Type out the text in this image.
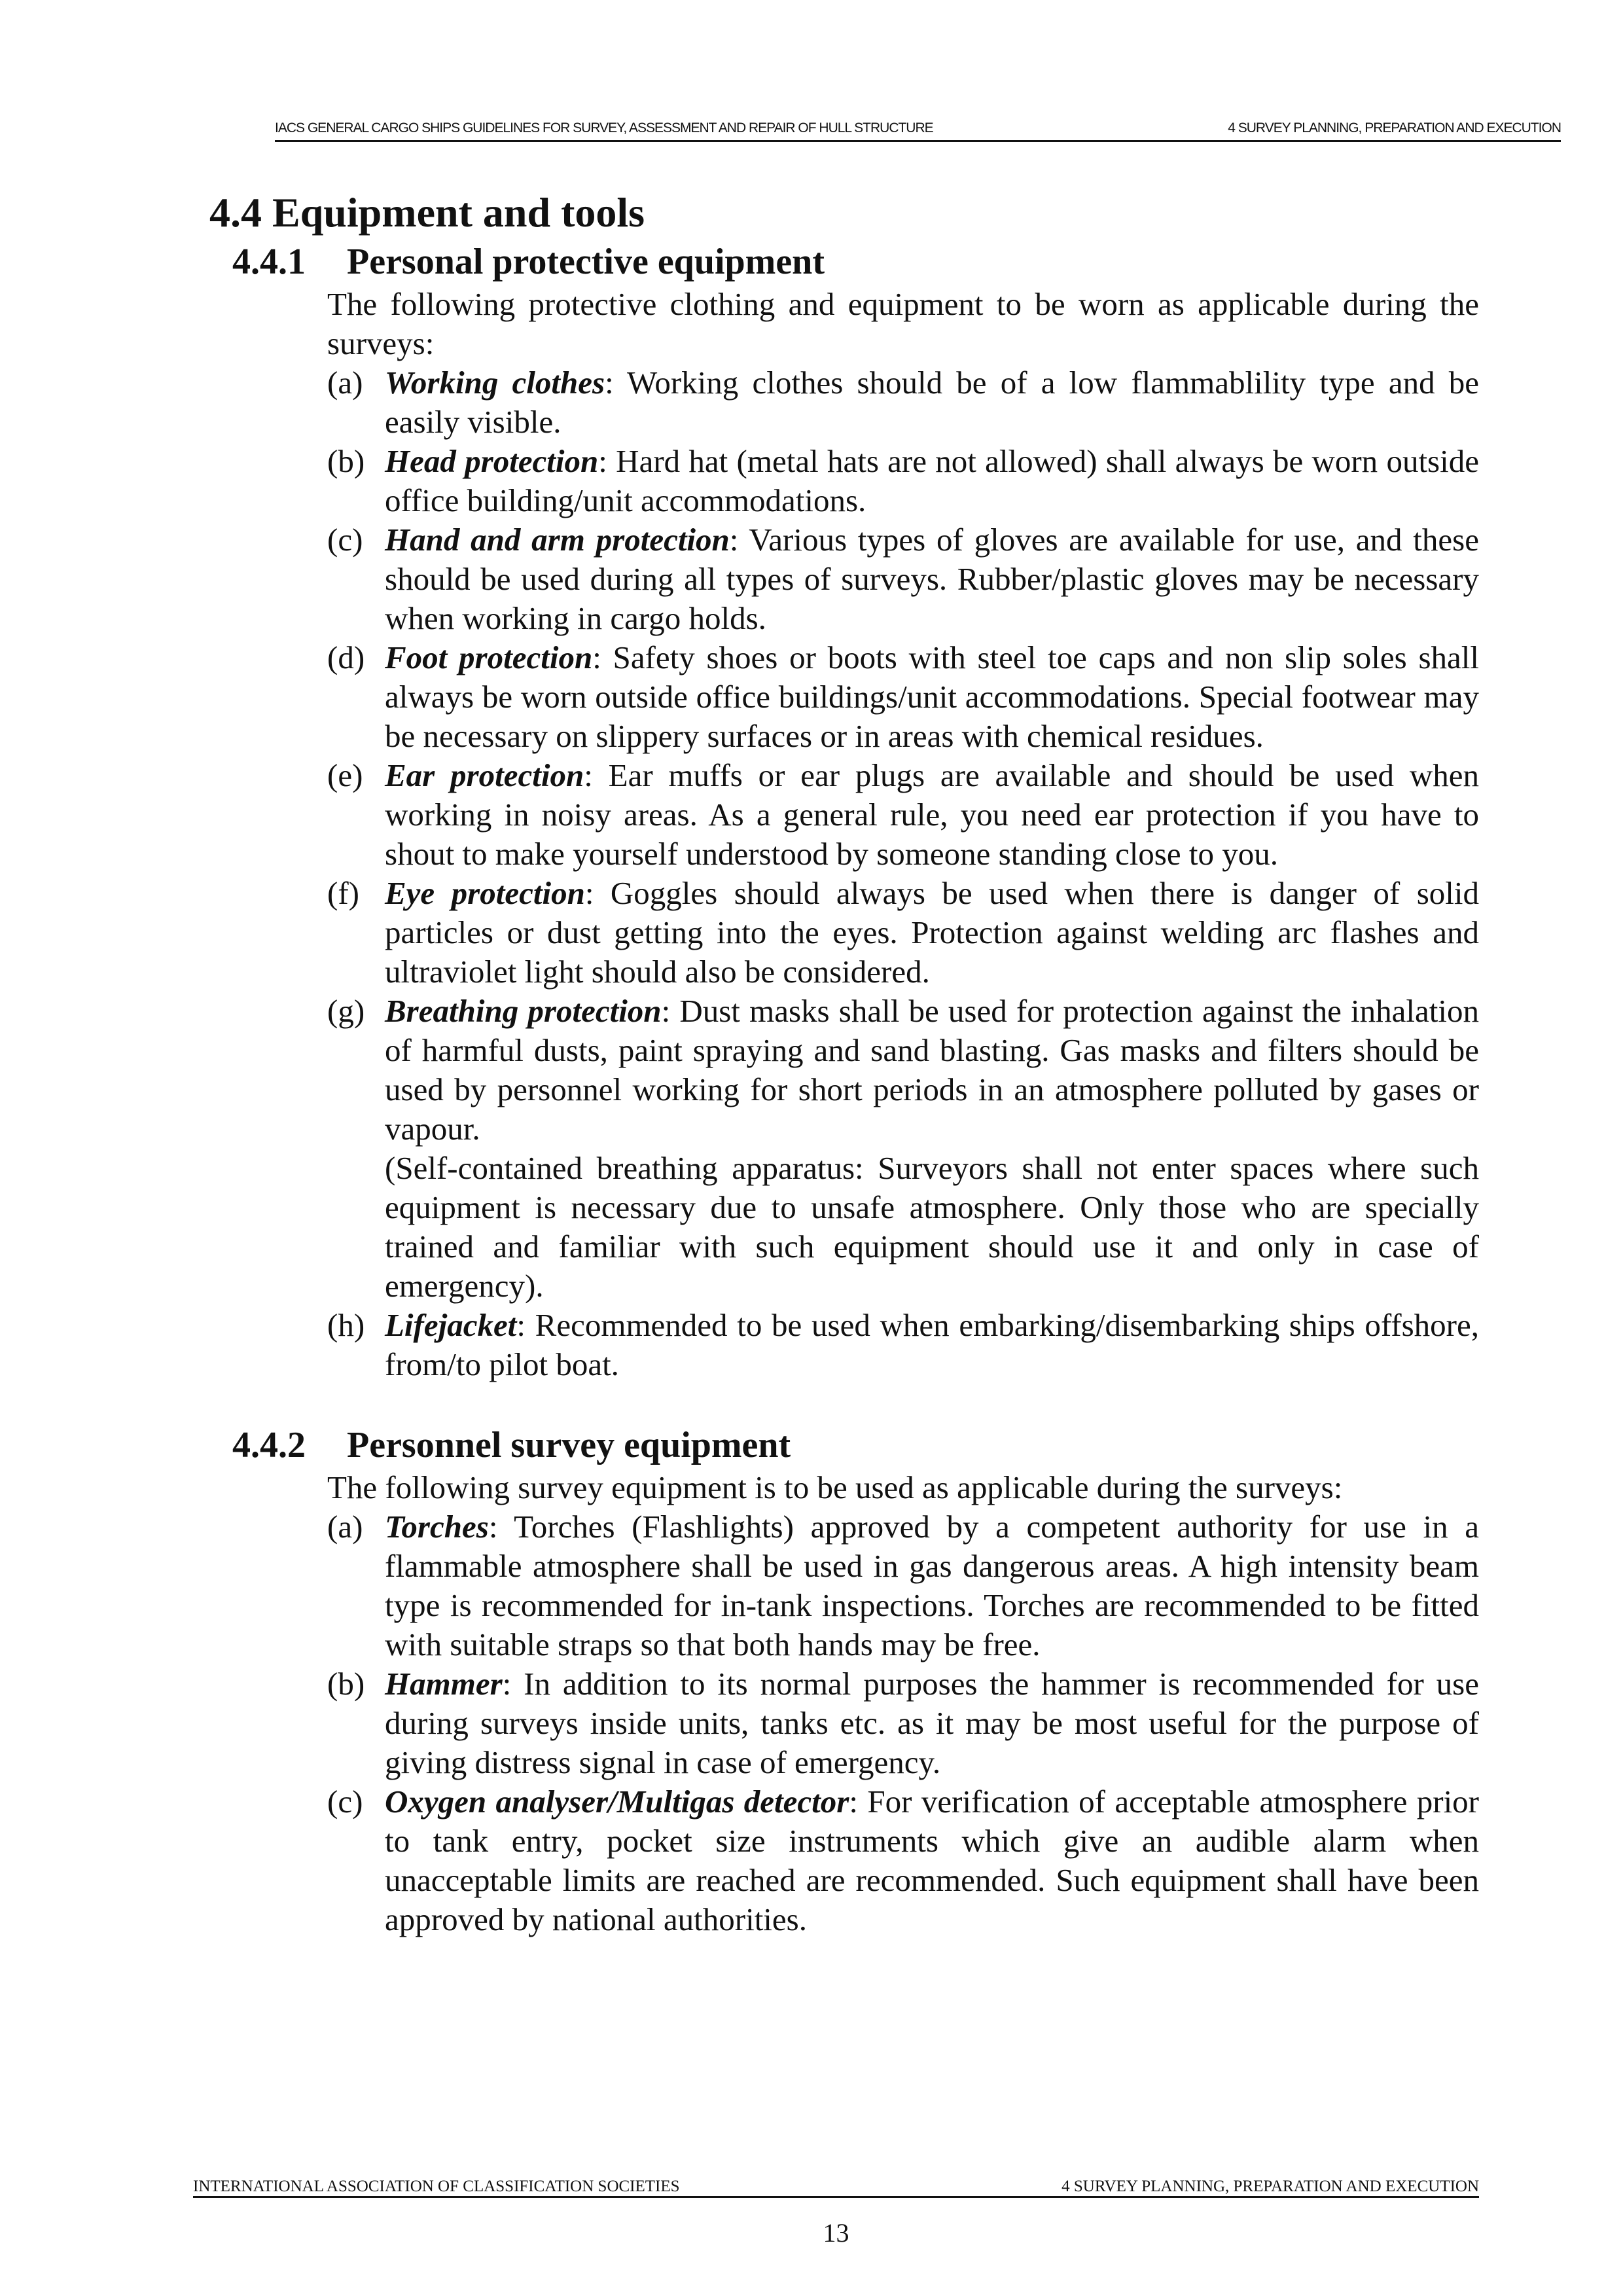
IACS GENERAL CARGO SHIPS GUIDELINES FOR SURVEY, ASSESSMENT AND REPAIR OF HULL STRUCTURE	4 SURVEY PLANNING, PREPARATION AND EXECUTION
4.4 Equipment and tools
4.4.1	Personal protective equipment
The following protective clothing and equipment to be worn as applicable during the surveys:
(a) Working clothes: Working clothes should be of a low flammablility type and be easily visible.
(b) Head protection: Hard hat (metal hats are not allowed) shall always be worn outside office building/unit accommodations.
(c) Hand and arm protection: Various types of gloves are available for use, and these should be used during all types of surveys. Rubber/plastic gloves may be necessary when working in cargo holds.
(d) Foot protection: Safety shoes or boots with steel toe caps and non slip soles shall always be worn outside office buildings/unit accommodations. Special footwear may be necessary on slippery surfaces or in areas with chemical residues.
(e) Ear protection: Ear muffs or ear plugs are available and should be used when working in noisy areas. As a general rule, you need ear protection if you have to shout to make yourself understood by someone standing close to you.
(f) Eye protection: Goggles should always be used when there is danger of solid particles or dust getting into the eyes. Protection against welding arc flashes and ultraviolet light should also be considered.
(g) Breathing protection: Dust masks shall be used for protection against the inhalation of harmful dusts, paint spraying and sand blasting. Gas masks and filters should be used by personnel working for short periods in an atmosphere polluted by gases or vapour.
(Self-contained breathing apparatus: Surveyors shall not enter spaces where such equipment is necessary due to unsafe atmosphere. Only those who are specially trained and familiar with such equipment should use it and only in case of emergency).
(h) Lifejacket: Recommended to be used when embarking/disembarking ships offshore, from/to pilot boat.
4.4.2	Personnel survey equipment
The following survey equipment is to be used as applicable during the surveys:
(a) Torches: Torches (Flashlights) approved by a competent authority for use in a flammable atmosphere shall be used in gas dangerous areas. A high intensity beam type is recommended for in-tank inspections. Torches are recommended to be fitted with suitable straps so that both hands may be free.
(b) Hammer: In addition to its normal purposes the hammer is recommended for use during surveys inside units, tanks etc. as it may be most useful for the purpose of giving distress signal in case of emergency.
(c) Oxygen analyser/Multigas detector: For verification of acceptable atmosphere prior to tank entry, pocket size instruments which give an audible alarm when unacceptable limits are reached are recommended. Such equipment shall have been approved by national authorities.
INTERNATIONAL ASSOCIATION OF CLASSIFICATION SOCIETIES	4 SURVEY PLANNING, PREPARATION AND EXECUTION
13
